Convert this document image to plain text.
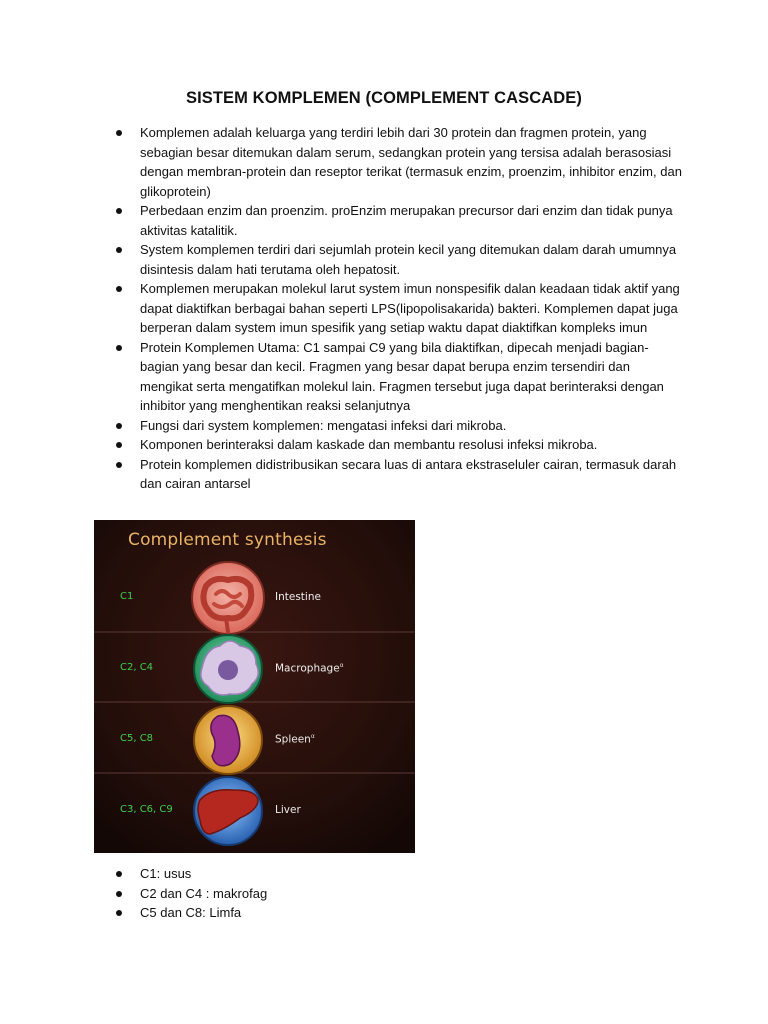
SISTEM KOMPLEMEN (COMPLEMENT CASCADE)
Komplemen adalah keluarga yang terdiri lebih dari 30 protein dan fragmen protein, yang sebagian besar ditemukan dalam serum, sedangkan protein yang tersisa adalah berasosiasi dengan membran-protein dan reseptor terikat (termasuk enzim, proenzim, inhibitor enzim, dan glikoprotein)
Perbedaan enzim dan proenzim. proEnzim merupakan precursor dari enzim dan tidak punya aktivitas katalitik.
System komplemen terdiri dari sejumlah protein kecil yang ditemukan dalam darah umumnya disintesis dalam hati terutama oleh hepatosit.
Komplemen merupakan molekul larut system imun nonspesifik dalan keadaan tidak aktif yang dapat diaktifkan berbagai bahan seperti LPS(lipopolisakarida) bakteri. Komplemen dapat juga berperan dalam system imun spesifik yang setiap waktu dapat diaktifkan kompleks imun
Protein Komplemen Utama: C1 sampai C9 yang bila diaktifkan, dipecah menjadi bagian-bagian yang besar dan kecil. Fragmen yang besar dapat berupa enzim tersendiri dan mengikat serta mengatifkan molekul lain. Fragmen tersebut juga dapat berinteraksi dengan inhibitor yang menghentikan reaksi selanjutnya
Fungsi dari system komplemen: mengatasi infeksi dari mikroba.
Komponen berinteraksi dalam kaskade dan membantu resolusi infeksi mikroba.
Protein komplemen didistribusikan secara luas di antara ekstraseluler cairan, termasuk darah dan cairan antarsel
Complement synthesis
C1	Intestine
C2, C4	Macrophage$^\alpha$
C5, C8	Spleen$^\alpha$
C3, C6, C9	Liver
C1: usus
C2 dan C4 : makrofag
C5 dan C8: Limfa
